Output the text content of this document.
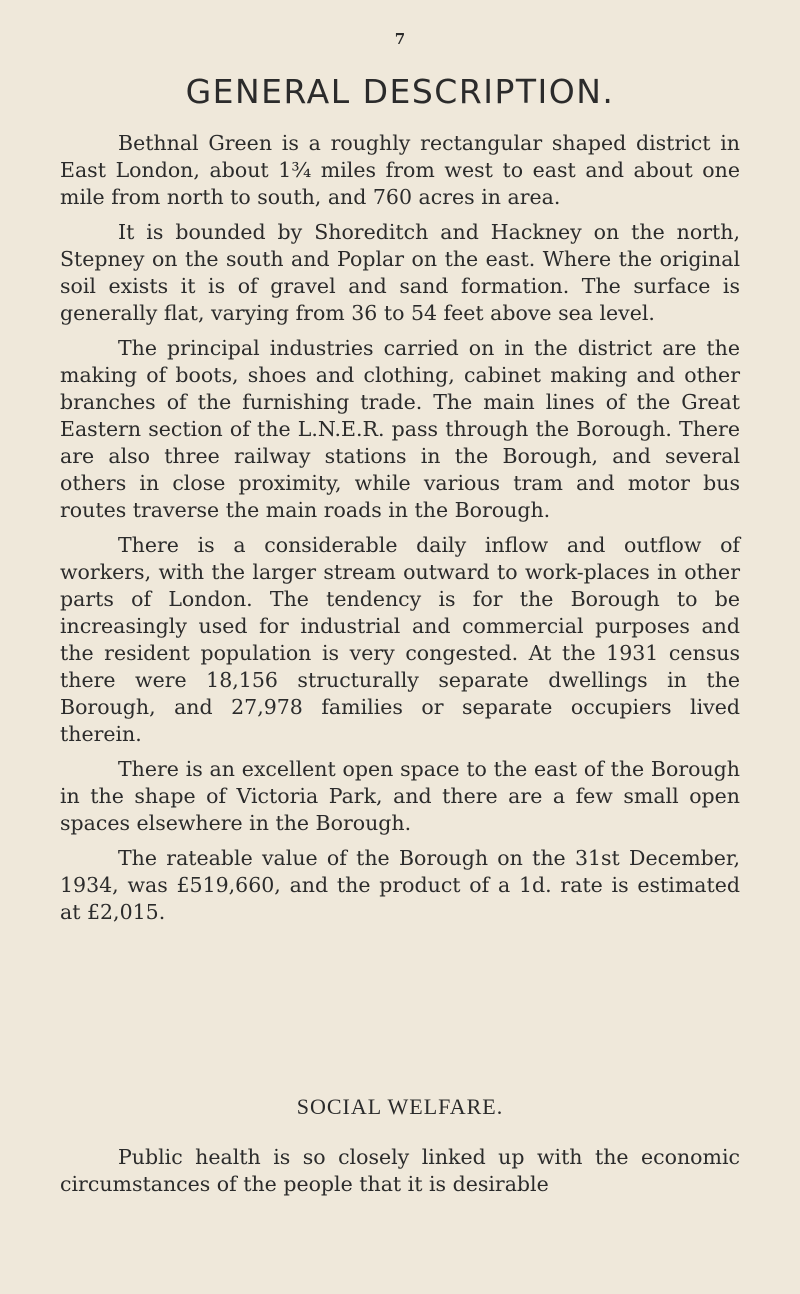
7
GENERAL DESCRIPTION.

Bethnal Green is a roughly rectangular shaped district in East London, about 1¾ miles from west to east and about one mile from north to south, and 760 acres in area.

It is bounded by Shoreditch and Hackney on the north, Stepney on the south and Poplar on the east. Where the original soil exists it is of gravel and sand formation. The surface is generally flat, varying from 36 to 54 feet above sea level.

The principal industries carried on in the district are the making of boots, shoes and clothing, cabinet making and other branches of the furnishing trade. The main lines of the Great Eastern section of the L.N.E.R. pass through the Borough. There are also three railway stations in the Borough, and several others in close proximity, while various tram and motor bus routes traverse the main roads in the Borough.

There is a considerable daily inflow and outflow of workers, with the larger stream outward to work-places in other parts of London. The tendency is for the Borough to be increasingly used for industrial and commercial purposes and the resident population is very congested. At the 1931 census there were 18,156 structurally separate dwellings in the Borough, and 27,978 families or separate occupiers lived therein.

There is an excellent open space to the east of the Borough in the shape of Victoria Park, and there are a few small open spaces elsewhere in the Borough.

The rateable value of the Borough on the 31st December, 1934, was £519,660, and the product of a 1d. rate is estimated at £2,015.

SOCIAL WELFARE.

Public health is so closely linked up with the economic circumstances of the people that it is desirable
